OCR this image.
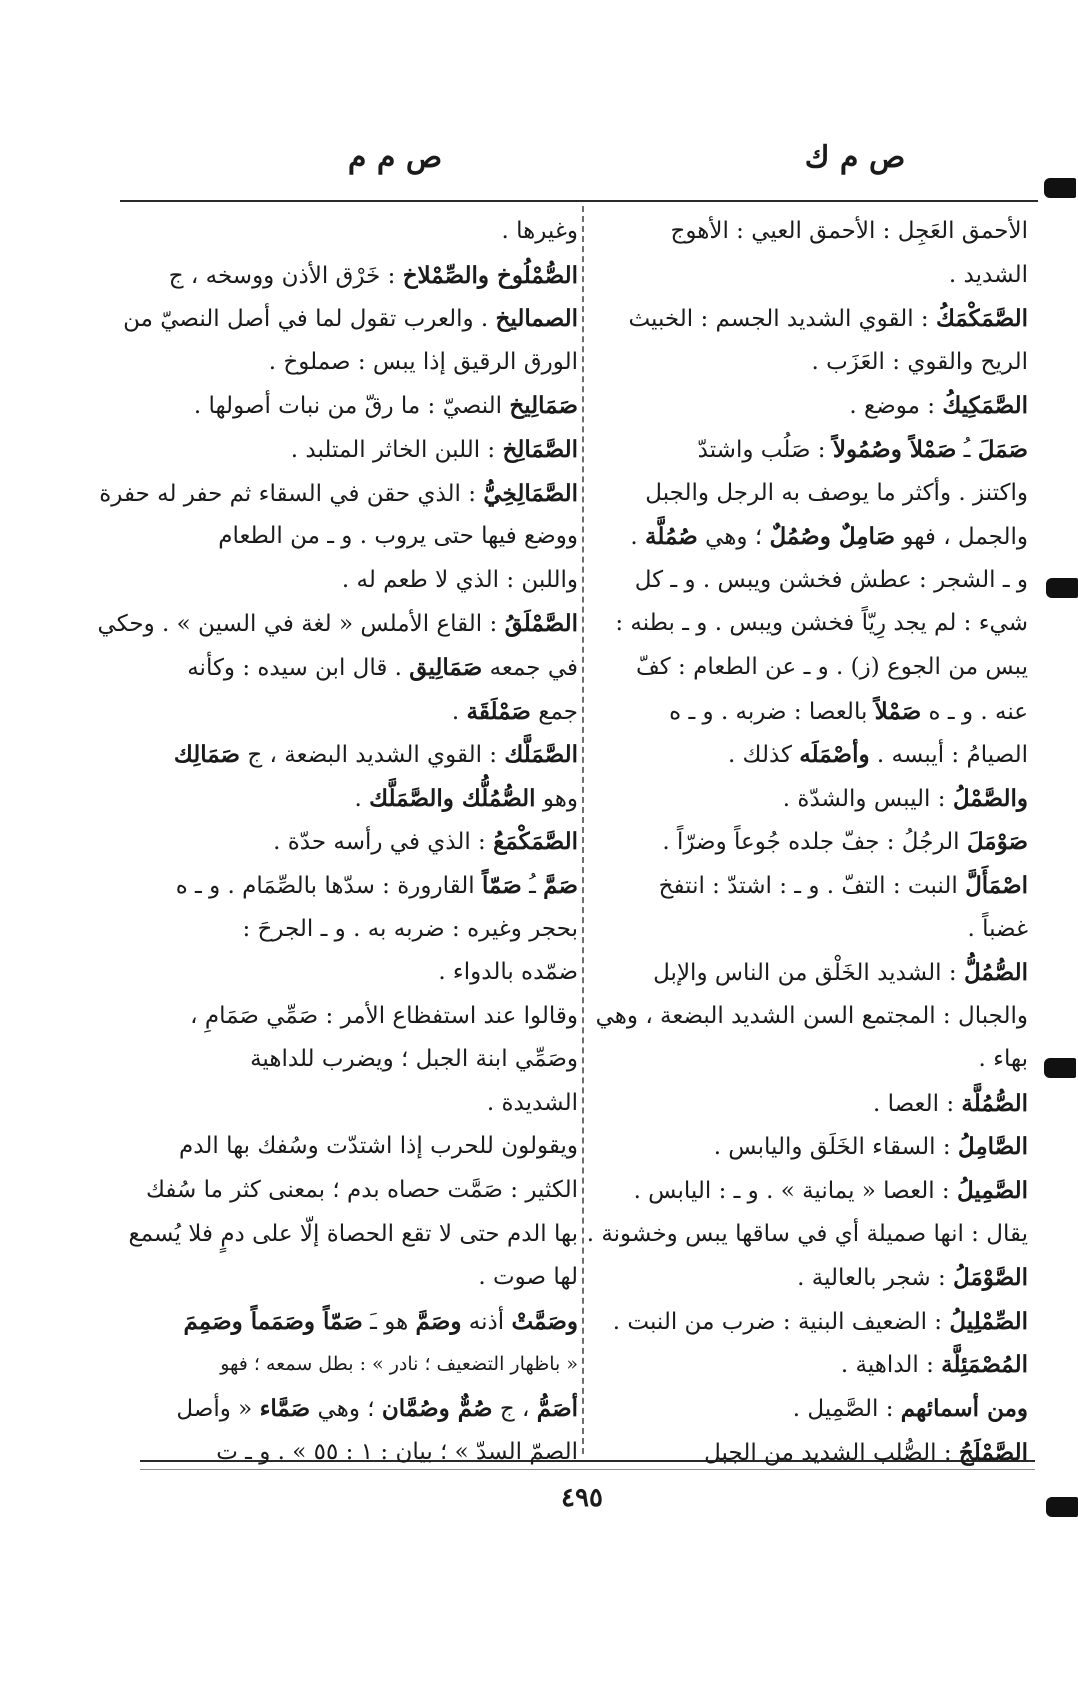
ص م ك
ص م م
الأحمق العَجِل : الأحمق العيي : الأهوج
الشديد .
الصَّمَكْمَكُ : القوي الشديد الجسم : الخبيث
الريح والقوي : العَزَب .
الصَّمَكِيكُ : موضع .
صَمَلَ ـُ صَمْلاً وصُمُولاً : صَلُب واشتدّ
واكتنز . وأكثر ما يوصف به الرجل والجبل
والجمل ، فهو صَامِلٌ وصُمُلٌ ؛ وهي صُمُلَّة .
و ـ الشجر : عطش فخشن ويبس . و ـ كل
شيء : لم يجد رِيّاً فخشن ويبس . و ـ بطنه :
يبس من الجوع (ز) . و ـ عن الطعام : كفّ
عنه . و ـ ه صَمْلاً بالعصا : ضربه . و ـ ه
الصيامُ : أيبسه . وأصْمَلَه كذلك .
والصَّمْلُ : اليبس والشدّة .
صَوْمَلَ الرجُلُ : جفّ جلده جُوعاً وضرّاً .
اصْمَأَلَّ النبت : التفّ . و ـ : اشتدّ : انتفخ
غضباً .
الصُّمُلُّ : الشديد الخَلْق من الناس والإبل
والجبال : المجتمع السن الشديد البضعة ، وهي
بهاء .
الصُّمُلَّة : العصا .
الصَّامِلُ : السقاء الخَلَق واليابس .
الصَّمِيلُ : العصا « يمانية » . و ـ : اليابس .
يقال : انها صميلة أي في ساقها يبس وخشونة .
الصَّوْمَلُ : شجر بالعالية .
الصِّمْلِيلُ : الضعيف البنية : ضرب من النبت .
المُصْمَئِلَّة : الداهية .
ومن أسمائهم : الصَّمِيل .
الصَّمْلَجُ : الصُّلب الشديد من الجبل
وغيرها .
الصُّمْلُوخ والصِّمْلاخ : خَرْق الأذن ووسخه ، ج
الصماليخ . والعرب تقول لما في أصل النصيّ من
الورق الرقيق إذا يبس : صملوخ .
صَمَالِيخ النصيّ : ما رقّ من نبات أصولها .
الصَّمَالِخ : اللبن الخاثر المتلبد .
الصَّمَالِخِيُّ : الذي حقن في السقاء ثم حفر له حفرة
ووضع فيها حتى يروب . و ـ من الطعام
واللبن : الذي لا طعم له .
الصَّمْلَقُ : القاع الأملس « لغة في السين » . وحكي
في جمعه صَمَالِيق . قال ابن سيده : وكأنه
جمع صَمْلَقَة .
الصَّمَلَّك : القوي الشديد البضعة ، ج صَمَالِك
وهو الصُّمُلُّك والصَّمَلَّك .
الصَّمَكْمَعُ : الذي في رأسه حدّة .
صَمَّ ـُ صَمّاً القارورة : سدّها بالصِّمَام . و ـ ه
بحجر وغيره : ضربه به . و ـ الجرحَ :
ضمّده بالدواء .
وقالوا عند استفظاع الأمر : صَمِّي صَمَامِ ،
وصَمِّي ابنة الجبل ؛ ويضرب للداهية
الشديدة .
ويقولون للحرب إذا اشتدّت وسُفك بها الدم
الكثير : صَمَّت حصاه بدم ؛ بمعنى كثر ما سُفك
بها الدم حتى لا تقع الحصاة إلّا على دمٍ فلا يُسمع
لها صوت .
وصَمَّتْ أذنه وصَمَّ هو ـَ صَمّاً وصَمَماً وصَمِمَ
« باظهار التضعيف ؛ نادر » : بطل سمعه ؛ فهو
أصَمُّ ، ج صُمٌّ وصُمَّان ؛ وهي صَمَّاء « وأصل
الصمّ السدّ » ؛ بيان : ١ : ٥٥ » . و ـ ت
٤٩٥
